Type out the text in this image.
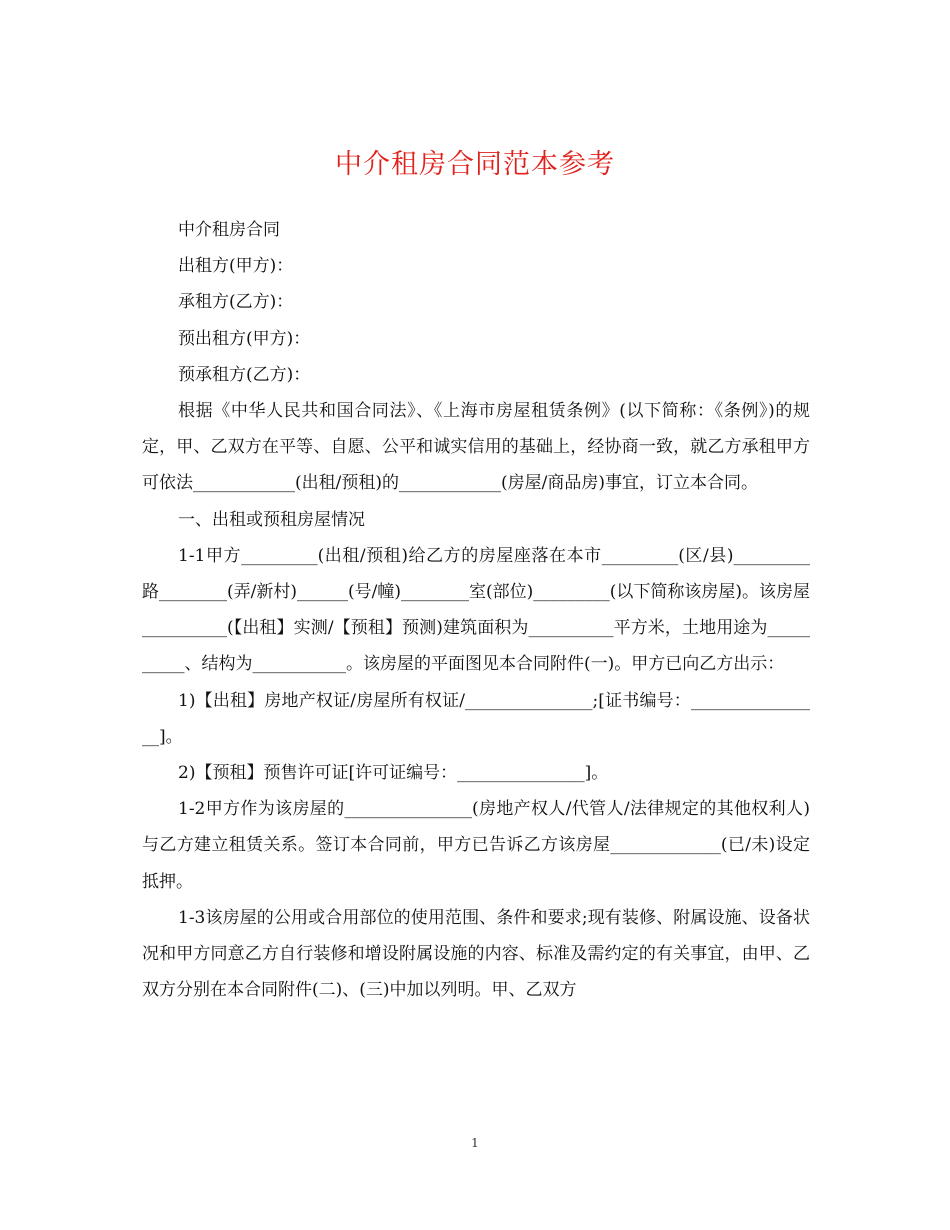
中介租房合同范本参考

中介租房合同

出租方(甲方)：

承租方(乙方)：

预出租方(甲方)：

预承租方(乙方)：

根据《中华人民共和国合同法》、《上海市房屋租赁条例》(以下简称：《条例》)的规定，甲、乙双方在平等、自愿、公平和诚实信用的基础上，经协商一致，就乙方承租甲方可依法____________(出租/预租)的____________(房屋/商品房)事宜，订立本合同。

一、出租或预租房屋情况

1-1甲方_________(出租/预租)给乙方的房屋座落在本市_________(区/县)_________路________(弄/新村)______(号/幢)________室(部位)_________(以下简称该房屋)。该房屋__________(【出租】实测/【预租】预测)建筑面积为__________平方米，土地用途为__________、结构为___________。该房屋的平面图见本合同附件(一)。甲方已向乙方出示：

1)【出租】房地产权证/房屋所有权证/_______________;[证书编号：________________]。

2)【预租】预售许可证[许可证编号：_______________]。

1-2甲方作为该房屋的_______________(房地产权人/代管人/法律规定的其他权利人)与乙方建立租赁关系。签订本合同前，甲方已告诉乙方该房屋_____________(已/未)设定抵押。

1-3该房屋的公用或合用部位的使用范围、条件和要求;现有装修、附属设施、设备状况和甲方同意乙方自行装修和增设附属设施的内容、标准及需约定的有关事宜，由甲、乙双方分别在本合同附件(二)、(三)中加以列明。甲、乙双方

1
